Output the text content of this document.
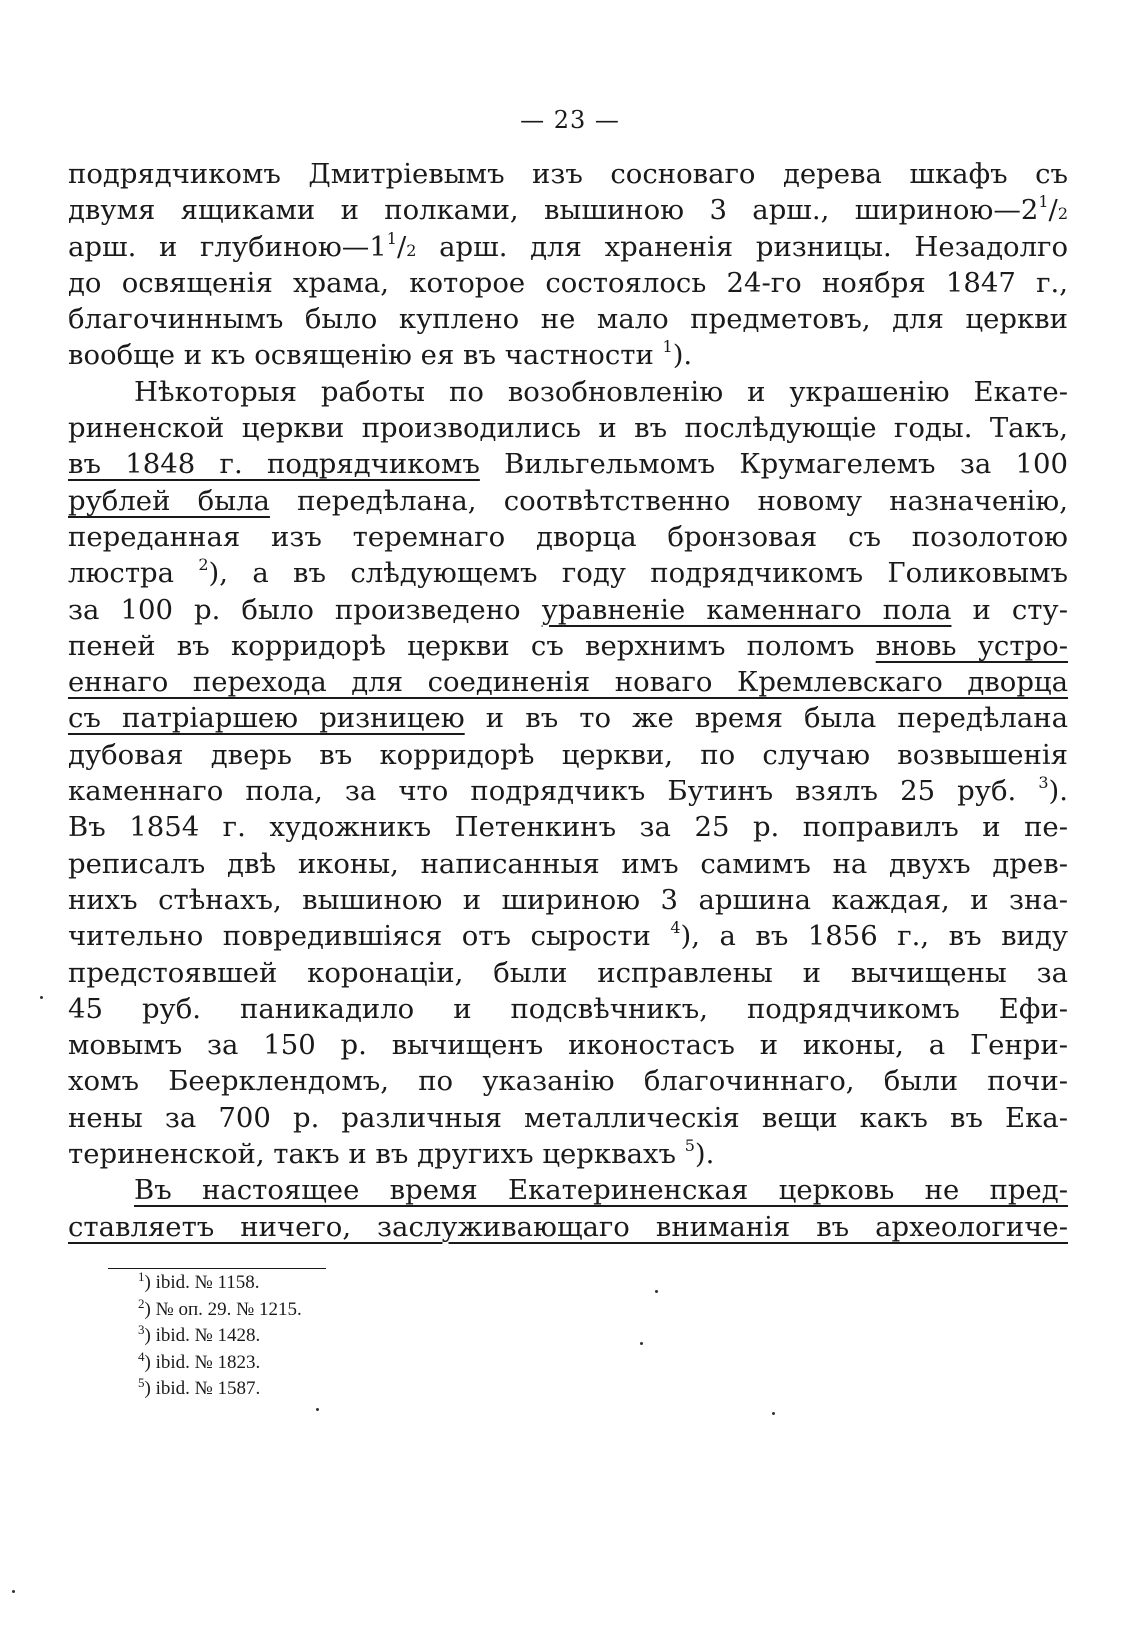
— 23 —
подрядчикомъ Дмитріевымъ изъ сосноваго дерева шкафъ съ
двумя ящиками и полками, вышиною 3 арш., $шириною—2^1/2$
арш. и $глубиною—1^1/2$ арш. для храненія ризницы. Незадолго
до освященія храма, которое состоялось 24-го ноября 1847 г.,
благочиннымъ было куплено не мало предметовъ, для церкви
вообще и къ освященію ея въ частности $^1$).
Нѣкоторыя работы по возобновленію и украшенію Екате-
риненской церкви производились и въ послѣдующіе годы. Такъ,
въ 1848 г. подрядчикомъ Вильгельмомъ Крумагелемъ за 100
рублей была передѣлана, соотвѣтственно новому назначенію,
переданная изъ теремнаго дворца бронзовая съ позолотою
люстра $^2$), а въ слѣдующемъ году подрядчикомъ Голиковымъ
за 100 р. было произведено уравненіе каменнаго пола и сту-
пеней въ корридорѣ церкви съ верхнимъ поломъ вновь устро-
еннаго перехода для соединенія новаго Кремлевскаго дворца
съ патріаршею ризницею и въ то же время была передѣлана
дубовая дверь въ корридорѣ церкви, по случаю возвышенія
каменнаго пола, за что подрядчикъ Бутинъ взялъ 25 руб. $^3$).
Въ 1854 г. художникъ Петенкинъ за 25 р. поправилъ и пе-
реписалъ двѣ иконы, написанныя имъ самимъ на двухъ древ-
нихъ стѣнахъ, вышиною и шириною 3 аршина каждая, и зна-
чительно повредившіяся отъ сырости $^4$), а въ 1856 г., въ виду
предстоявшей коронаціи, были исправлены и вычищены за
45 руб. паникадило и подсвѣчникъ, подрядчикомъ Ефи-
мовымъ за 150 р. вычищенъ иконостасъ и иконы, а Генри-
хомъ Беерклендомъ, по указанію благочиннаго, были почи-
нены за 700 р. различныя металлическія вещи какъ въ Ека-
териненской, такъ и въ другихъ церквахъ $^5$).
Въ настоящее время Екатериненская церковь не пред-
ставляетъ ничего, заслуживающаго вниманія въ археологиче-
$^1$) ibid. № 1158.
$^2$) № оп. 29. № 1215.
$^3$) ibid. № 1428.
$^4$) ibid. № 1823.
$^5$) ibid. № 1587.
